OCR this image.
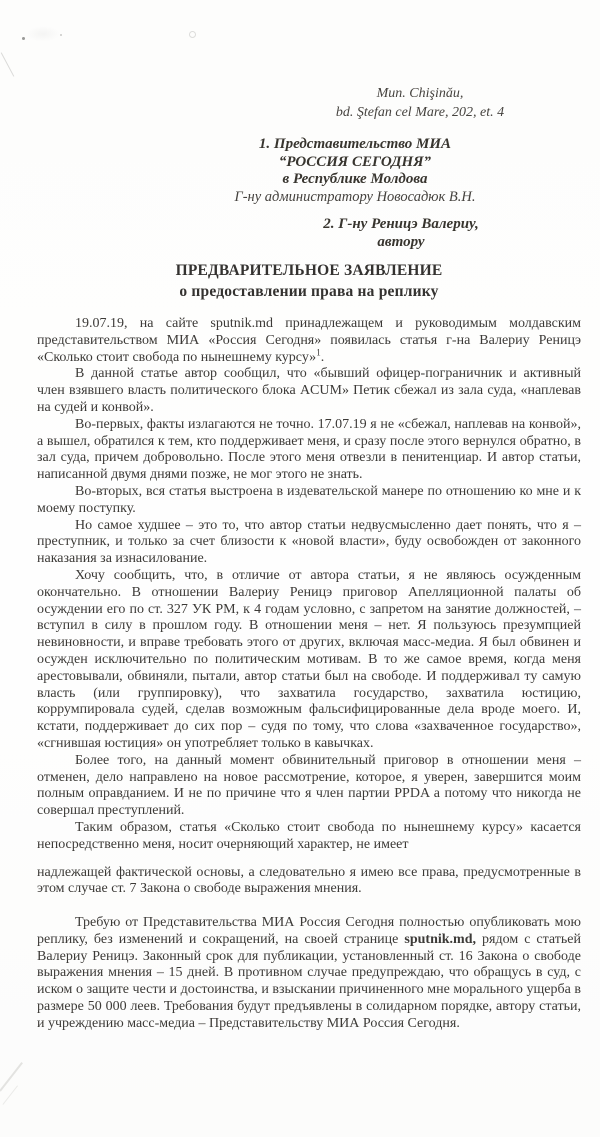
Mun. Chişinău,
bd. Ştefan cel Mare, 202, et. 4
1. Представительство МИА
“РОССИЯ СЕГОДНЯ”
в Республике Молдова
Г-ну администратору Новосадюк В.Н.
2. Г-ну Реницэ Валериу,
автору
ПРЕДВАРИТЕЛЬНОЕ ЗАЯВЛЕНИЕ
о предоставлении права на реплику

19.07.19, на сайте sputnik.md принадлежащем и руководимым молдавским представительством МИА «Россия Сегодня» появилась статья г-на Валериу Реницэ «Сколько стоит свобода по нынешнему курсу»$^1$.

В данной статье автор сообщил, что «бывший офицер-пограничник и активный член взявшего власть политического блока ACUM» Петик сбежал из зала суда, «наплевав на судей и конвой».

Во-первых, факты излагаются не точно. 17.07.19 я не «сбежал, наплевав на конвой», а вышел, обратился к тем, кто поддерживает меня, и сразу после этого вернулся обратно, в зал суда, причем добровольно. После этого меня отвезли в пенитенциар. И автор статьи, написанной двумя днями позже, не мог этого не знать.

Во-вторых, вся статья выстроена в издевательской манере по отношению ко мне и к моему поступку.

Но самое худшее – это то, что автор статьи недвусмысленно дает понять, что я –преступник, и только за счет близости к «новой власти», буду освобожден от законного наказания за изнасилование.

Хочу сообщить, что, в отличие от автора статьи, я не являюсь осужденным окончательно. В отношении Валериу Реницэ приговор Апелляционной палаты об осуждении его по ст. 327 УК РМ, к 4 годам условно, с запретом на занятие должностей, – вступил в силу в прошлом году. В отношении меня – нет. Я пользуюсь презумпцией невиновности, и вправе требовать этого от других, включая масс-медиа. Я был обвинен и осужден исключительно по политическим мотивам. В то же самое время, когда меня арестовывали, обвиняли, пытали, автор статьи был на свободе. И поддерживал ту самую власть (или группировку), что захватила государство, захватила юстицию, коррумпировала судей, сделав возможным фальсифицированные дела вроде моего. И, кстати, поддерживает до сих пор – судя по тому, что слова «захваченное государство», «сгнившая юстиция» он употребляет только в кавычках.

Более того, на данный момент обвинительный приговор в отношении меня – отменен, дело направлено на новое рассмотрение, которое, я уверен, завершится моим полным оправданием. И не по причине что я член партии PPDA а потому что никогда не совершал преступлений.

Таким образом, статья «Сколько стоит свобода по нынешнему курсу» касается непосредственно меня, носит очерняющий характер, не имеет

надлежащей фактической основы, а следовательно я имею все права, предусмотренные в этом случае ст. 7 Закона о свободе выражения мнения.

Требую от Представительства МИА Россия Сегодня полностью опубликовать мою реплику, без изменений и сокращений, на своей странице sputnik.md, рядом с статьей Валериу Реницэ. Законный срок для публикации, установленный ст. 16 Закона о свободе выражения мнения – 15 дней. В противном случае предупреждаю, что обращусь в суд, с иском о защите чести и достоинства, и взыскании причиненного мне морального ущерба в размере 50 000 леев. Требования будут предъявлены в солидарном порядке, автору статьи, и учреждению масс-медиа – Представительству МИА Россия Сегодня.
